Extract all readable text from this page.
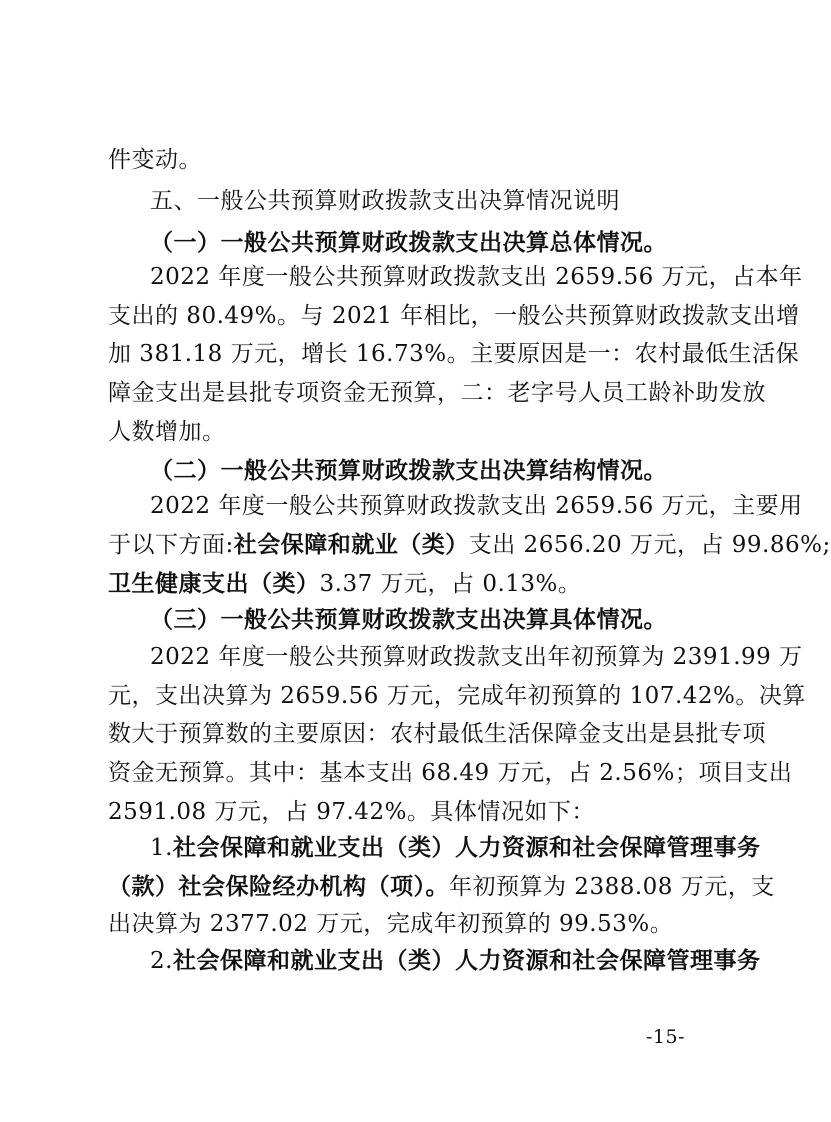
件变动。
五、一般公共预算财政拨款支出决算情况说明
（一）一般公共预算财政拨款支出决算总体情况。
2022 年度一般公共预算财政拨款支出 2659.56 万元，占本年
支出的 80.49%。与 2021 年相比，一般公共预算财政拨款支出增
加 381.18 万元，增长 16.73%。主要原因是一：农村最低生活保
障金支出是县批专项资金无预算，二：老字号人员工龄补助发放
人数增加。
（二）一般公共预算财政拨款支出决算结构情况。
2022 年度一般公共预算财政拨款支出 2659.56 万元，主要用
于以下方面:社会保障和就业（类）支出 2656.20 万元，占 99.86%;
卫生健康支出（类）3.37 万元，占 0.13%。
（三）一般公共预算财政拨款支出决算具体情况。
2022 年度一般公共预算财政拨款支出年初预算为 2391.99 万
元，支出决算为 2659.56 万元，完成年初预算的 107.42%。决算
数大于预算数的主要原因：农村最低生活保障金支出是县批专项
资金无预算。其中：基本支出 68.49 万元，占 2.56%；项目支出
2591.08 万元，占 97.42%。具体情况如下：
1.社会保障和就业支出（类）人力资源和社会保障管理事务
（款）社会保险经办机构（项）。年初预算为 2388.08 万元，支
出决算为 2377.02 万元，完成年初预算的 99.53%。
2.社会保障和就业支出（类）人力资源和社会保障管理事务
-15-
